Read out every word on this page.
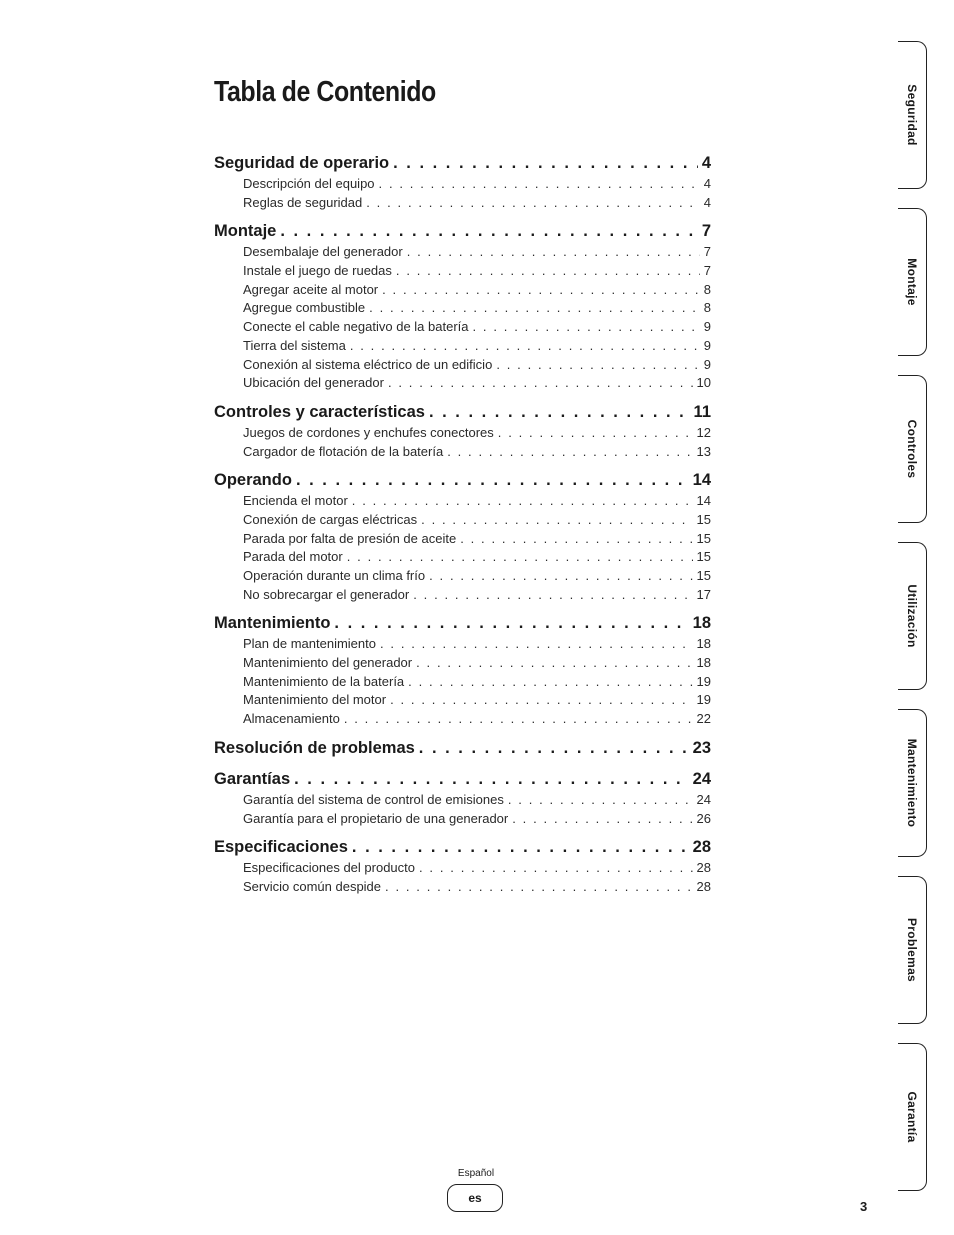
Tabla de Contenido
Seguridad de operario . . .	4
Descripción del equipo . . .	4
Reglas de seguridad . . .	4
Montaje . . .	7
Desembalaje del generador . . .	7
Instale el juego de ruedas . . .	7
Agregar aceite al motor . . .	8
Agregue combustible . . .	8
Conecte el cable negativo de la batería . . .	9
Tierra del sistema . . .	9
Conexión al sistema eléctrico de un edificio . . .	9
Ubicación del generador . . .	10
Controles y características . . .	11
Juegos de cordones y enchufes conectores . . .	12
Cargador de flotación de la batería . . .	13
Operando . . .	14
Encienda el motor . . .	14
Conexión de cargas eléctricas . . .	15
Parada por falta de presión de aceite . . .	15
Parada del motor . . .	15
Operación durante un clima frío . . .	15
No sobrecargar el generador . . .	17
Mantenimiento . . .	18
Plan de mantenimiento . . .	18
Mantenimiento del generador . . .	18
Mantenimiento de la batería . . .	19
Mantenimiento del motor . . .	19
Almacenamiento . . .	22
Resolución de problemas . . .	23
Garantías . . .	24
Garantía del sistema de control de emisiones . . .	24
Garantía para el propietario de una generador . . .	26
Especificaciones . . .	28
Especificaciones del producto . . .	28
Servicio común despide . . .	28
Seguridad
Montaje
Controles
Utilización
Mantenimiento
Problemas
Garantía
Español
es
3
